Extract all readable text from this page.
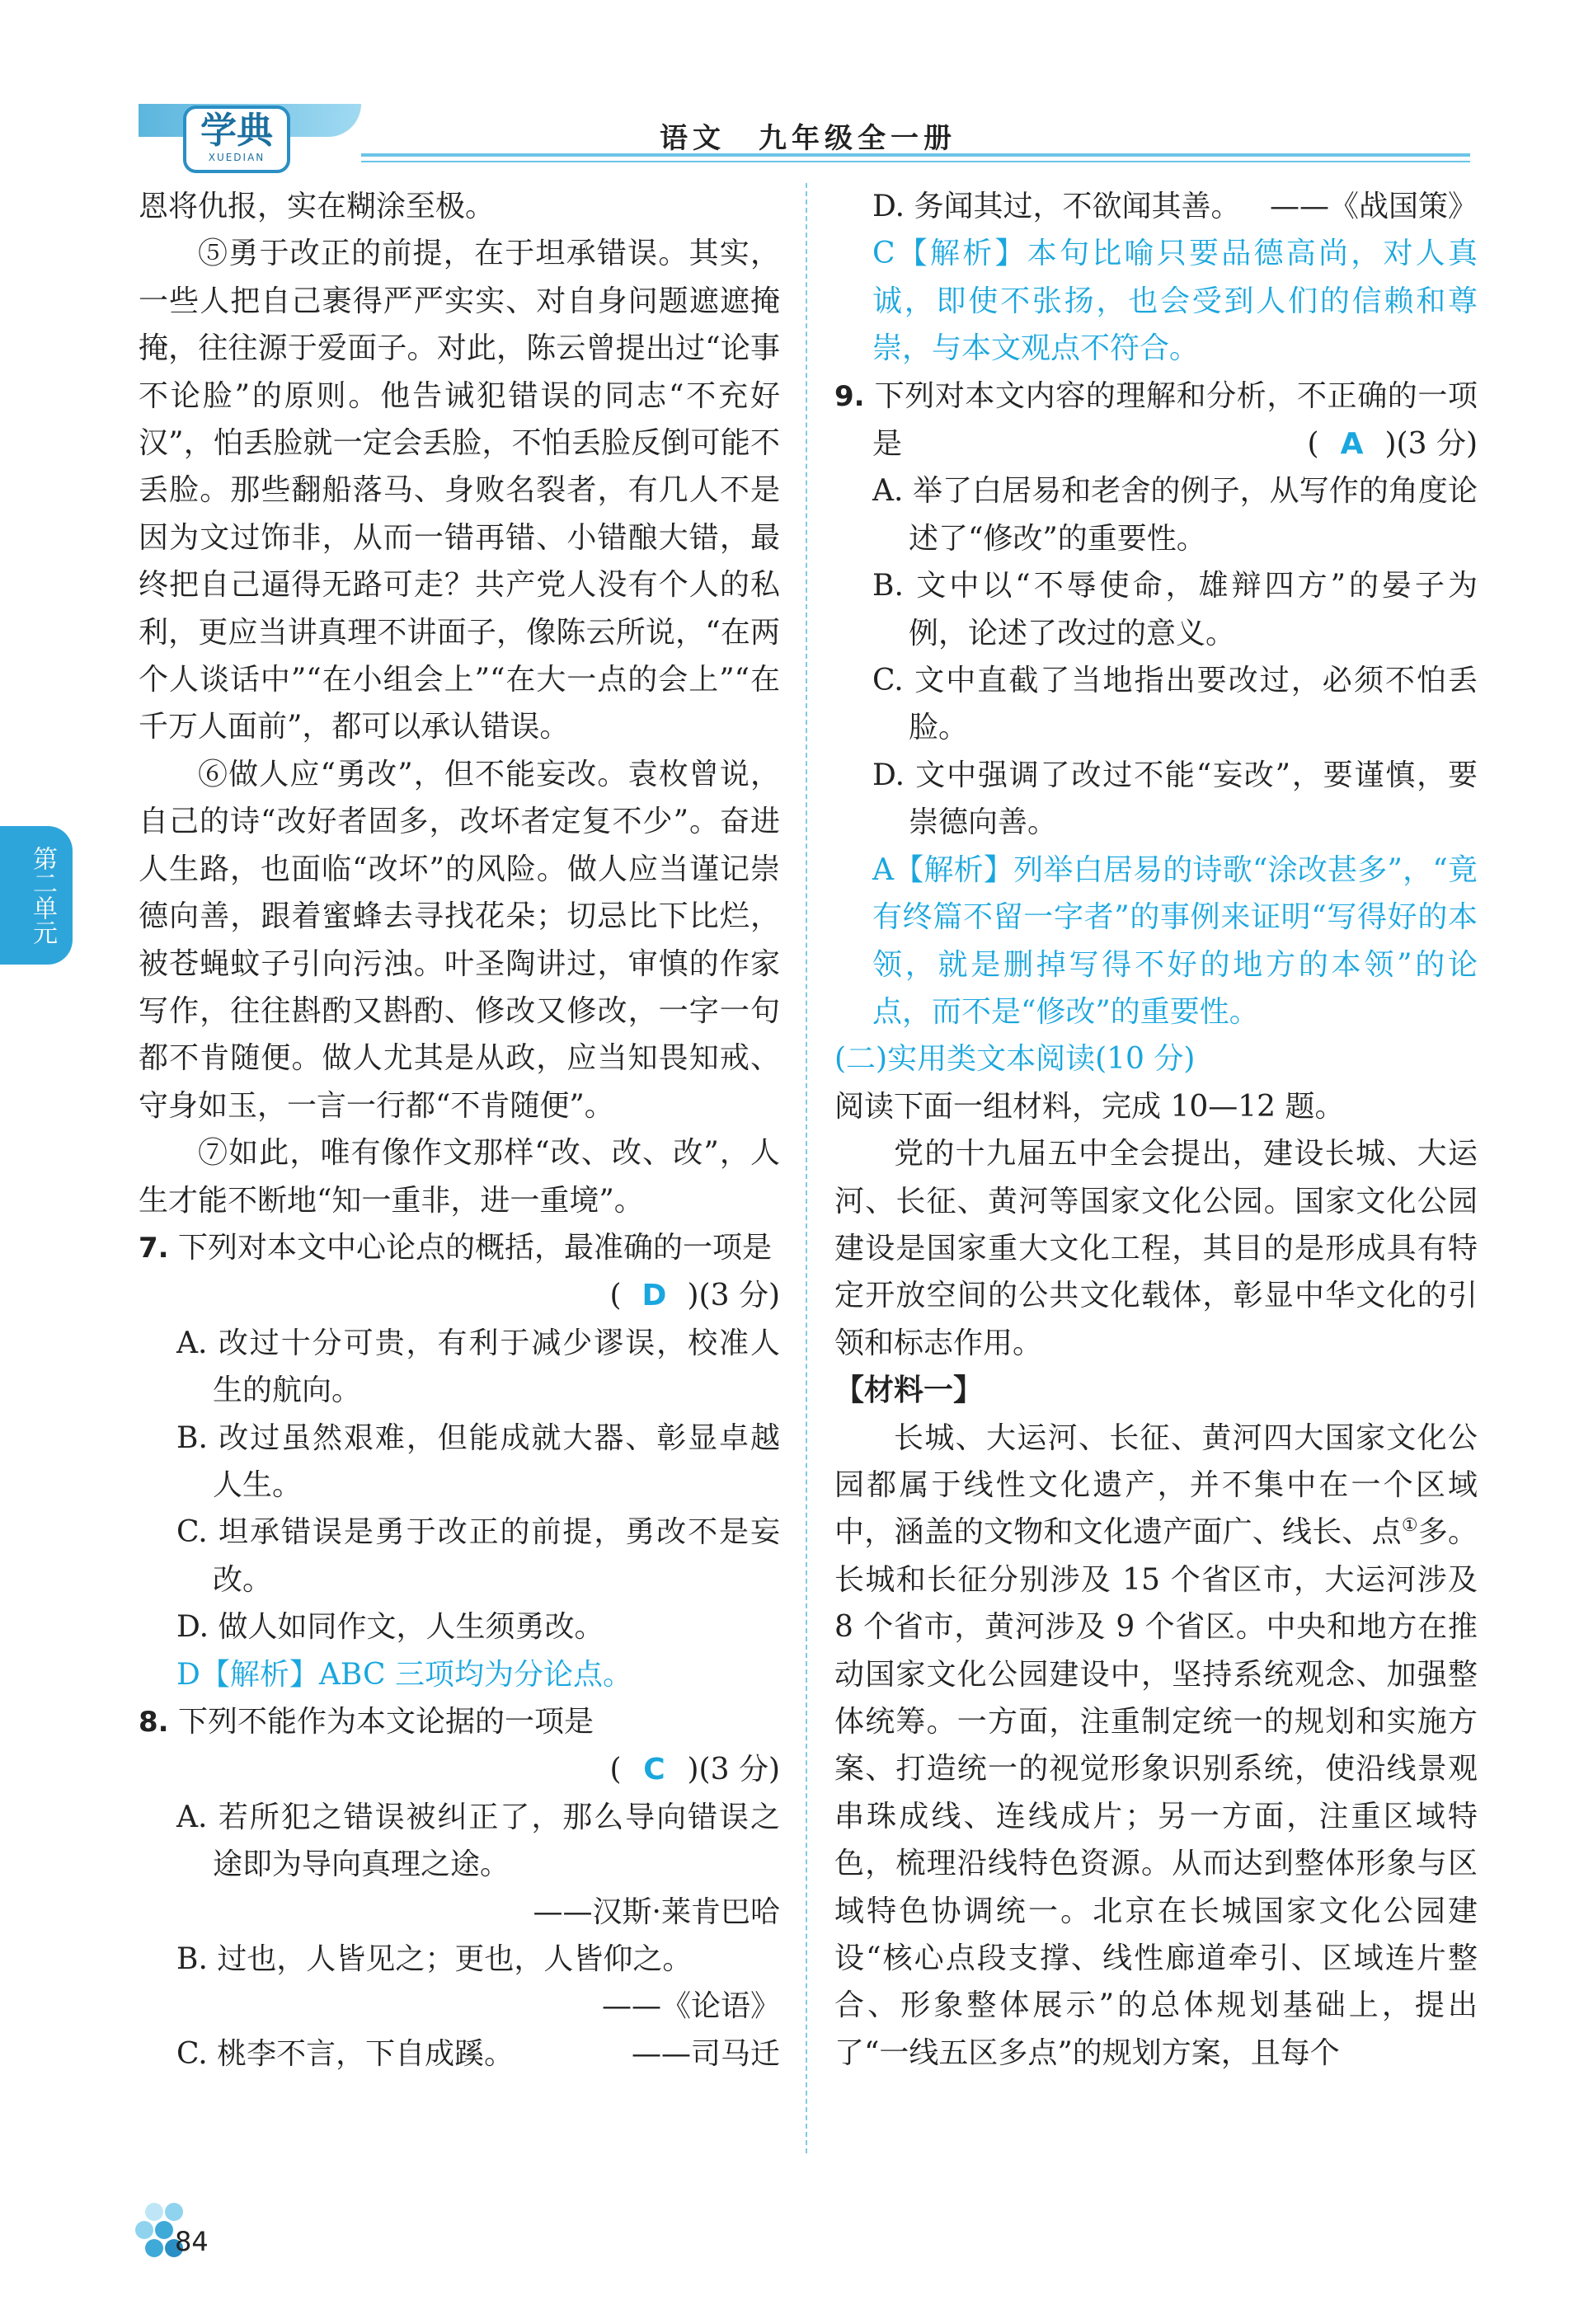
学典
XUEDIAN
语文　九年级全一册
第二单元

恩将仇报，实在糊涂至极。

⑤勇于改正的前提，在于坦承错误。其实，一些人把自己裹得严严实实、对自身问题遮遮掩掩，往往源于爱面子。对此，陈云曾提出过“论事不论脸”的原则。他告诫犯错误的同志“不充好汉”，怕丢脸就一定会丢脸，不怕丢脸反倒可能不丢脸。那些翻船落马、身败名裂者，有几人不是因为文过饰非，从而一错再错、小错酿大错，最终把自己逼得无路可走？共产党人没有个人的私利，更应当讲真理不讲面子，像陈云所说，“在两个人谈话中”“在小组会上”“在大一点的会上”“在千万人面前”，都可以承认错误。

⑥做人应“勇改”，但不能妄改。袁枚曾说，自己的诗“改好者固多，改坏者定复不少”。奋进人生路，也面临“改坏”的风险。做人应当谨记崇德向善，跟着蜜蜂去寻找花朵；切忌比下比烂，被苍蝇蚊子引向污浊。叶圣陶讲过，审慎的作家写作，往往斟酌又斟酌、修改又修改，一字一句都不肯随便。做人尤其是从政，应当知畏知戒、守身如玉，一言一行都“不肯随便”。

⑦如此，唯有像作文那样“改、改、改”，人生才能不断地“知一重非，进一重境”。

7. 下列对本文中心论点的概括，最准确的一项是

( D )(3 分)

A. 改过十分可贵，有利于减少谬误，校准人生的航向。

B. 改过虽然艰难，但能成就大器、彰显卓越人生。

C. 坦承错误是勇于改正的前提，勇改不是妄改。

D. 做人如同作文，人生须勇改。

D【解析】ABC 三项均为分论点。

8. 下列不能作为本文论据的一项是

( C )(3 分)

A. 若所犯之错误被纠正了，那么导向错误之途即为导向真理之途。

——汉斯·莱肯巴哈

B. 过也，人皆见之；更也，人皆仰之。

——《论语》

C. 桃李不言，下自成蹊。	——司马迁

D. 务闻其过，不欲闻其善。 ——《战国策》

C【解析】本句比喻只要品德高尚，对人真诚，即使不张扬，也会受到人们的信赖和尊崇，与本文观点不符合。

9. 下列对本文内容的理解和分析，不正确的一项是	( A )(3 分)

A. 举了白居易和老舍的例子，从写作的角度论述了“修改”的重要性。

B. 文中以“不辱使命，雄辩四方”的晏子为例，论述了改过的意义。

C. 文中直截了当地指出要改过，必须不怕丢脸。

D. 文中强调了改过不能“妄改”，要谨慎，要崇德向善。

A【解析】列举白居易的诗歌“涂改甚多”，“竟有终篇不留一字者”的事例来证明“写得好的本领，就是删掉写得不好的地方的本领”的论点，而不是“修改”的重要性。

(二)实用类文本阅读(10 分)

阅读下面一组材料，完成 10—12 题。

党的十九届五中全会提出，建设长城、大运河、长征、黄河等国家文化公园。国家文化公园建设是国家重大文化工程，其目的是形成具有特定开放空间的公共文化载体，彰显中华文化的引领和标志作用。

【材料一】

长城、大运河、长征、黄河四大国家文化公园都属于线性文化遗产，并不集中在一个区域中，涵盖的文物和文化遗产面广、线长、点①多。长城和长征分别涉及 15 个省区市，大运河涉及 8 个省市，黄河涉及 9 个省区。中央和地方在推动国家文化公园建设中，坚持系统观念、加强整体统筹。一方面，注重制定统一的规划和实施方案、打造统一的视觉形象识别系统，使沿线景观串珠成线、连线成片；另一方面，注重区域特色，梳理沿线特色资源。从而达到整体形象与区域特色协调统一。北京在长城国家文化公园建设“核心点段支撑、线性廊道牵引、区域连片整合、形象整体展示”的总体规划基础上，提出了“一线五区多点”的规划方案，且每个

84
